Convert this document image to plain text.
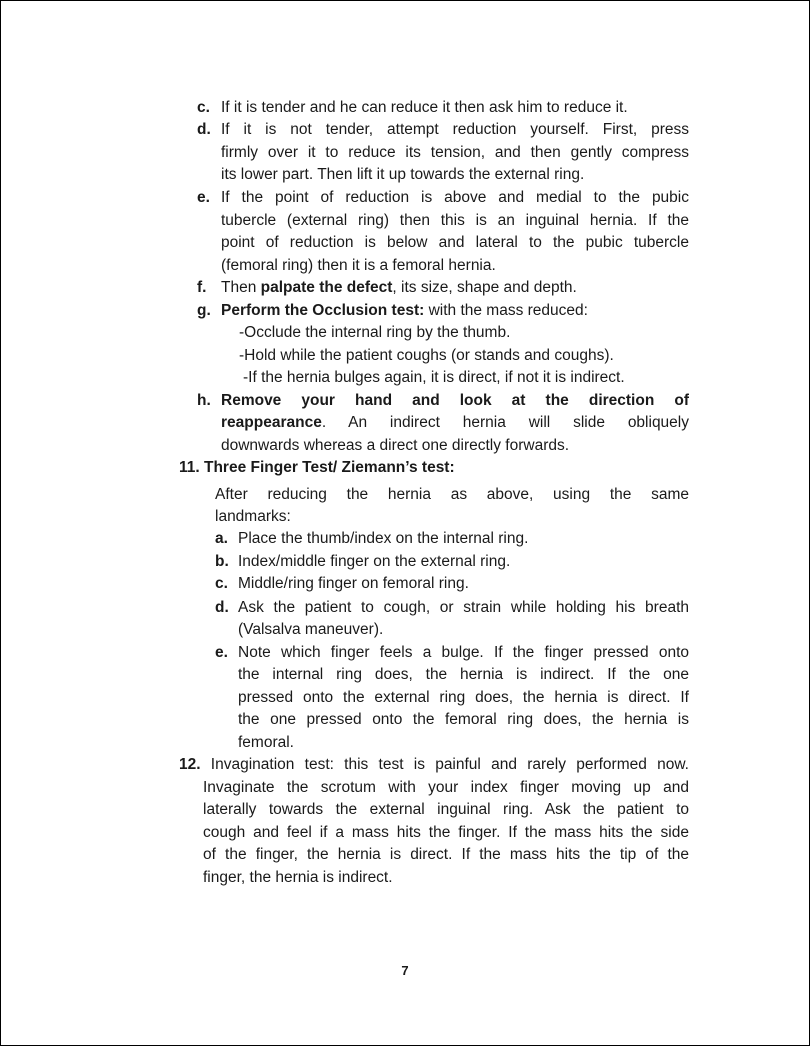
c. If it is tender and he can reduce it then ask him to reduce it.
d. If it is not tender, attempt reduction yourself. First, press
firmly over it to reduce its tension, and then gently compress
its lower part. Then lift it up towards the external ring.
e. If the point of reduction is above and medial to the pubic
tubercle (external ring) then this is an inguinal hernia. If the
point of reduction is below and lateral to the pubic tubercle
(femoral ring) then it is a femoral hernia.
f. Then palpate the defect, its size, shape and depth.
g. Perform the Occlusion test: with the mass reduced:
-Occlude the internal ring by the thumb.
-Hold while the patient coughs (or stands and coughs).
-If the hernia bulges again, it is direct, if not it is indirect.
h. Remove your hand and look at the direction of
reappearance. An indirect hernia will slide obliquely
downwards whereas a direct one directly forwards.
11. Three Finger Test/ Ziemann’s test:
After reducing the hernia as above, using the same
landmarks:
a. Place the thumb/index on the internal ring.
b. Index/middle finger on the external ring.
c. Middle/ring finger on femoral ring.
d. Ask the patient to cough, or strain while holding his breath
(Valsalva maneuver).
e. Note which finger feels a bulge. If the finger pressed onto
the internal ring does, the hernia is indirect. If the one
pressed onto the external ring does, the hernia is direct. If
the one pressed onto the femoral ring does, the hernia is
femoral.
12. Invagination test: this test is painful and rarely performed now.
Invaginate the scrotum with your index finger moving up and
laterally towards the external inguinal ring. Ask the patient to
cough and feel if a mass hits the finger. If the mass hits the side
of the finger, the hernia is direct. If the mass hits the tip of the
finger, the hernia is indirect.
7
